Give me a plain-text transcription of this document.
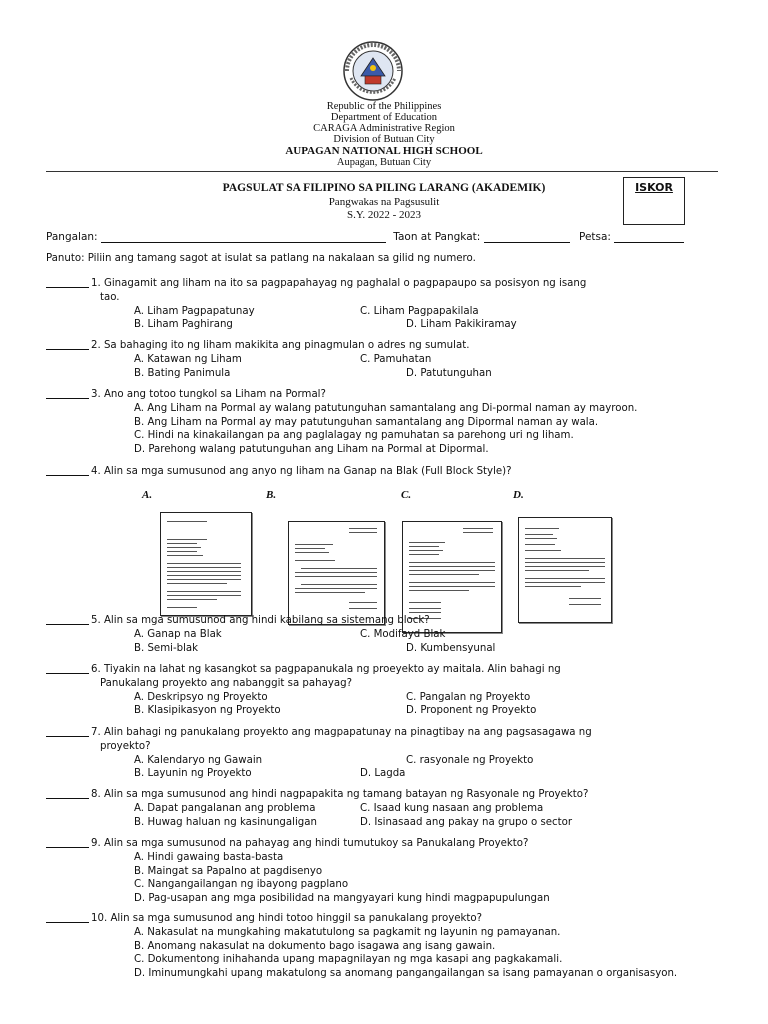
Republic of the Philippines
Department of Education
CARAGA Administrative Region
Division of Butuan City
AUPAGAN NATIONAL HIGH SCHOOL
Aupagan, Butuan City
PAGSULAT SA FILIPINO SA PILING LARANG (AKADEMIK)
Pangwakas na Pagsusulit
S.Y. 2022 - 2023
ISKOR
Pangalan:	Taon at Pangkat:	Petsa:
Panuto: Piliin ang tamang sagot at isulat sa patlang na nakalaan sa gilid ng numero.
1. Ginagamit ang liham na ito sa pagpapahayag ng paghalal o pagpapaupo sa posisyon ng isang
tao.
A. Liham Pagpapatunay	C. Liham Pagpapakilala
B. Liham Paghirang	D. Liham Pakikiramay
2. Sa bahaging ito ng liham makikita ang pinagmulan o adres ng sumulat.
A. Katawan ng Liham	C. Pamuhatan
B. Bating Panimula	D. Patutunguhan
3. Ano ang totoo tungkol sa Liham na Pormal?
A. Ang Liham na Pormal ay walang patutunguhan samantalang ang Di-pormal naman ay mayroon.
B. Ang Liham na Pormal ay may patutunguhan samantalang ang Dipormal naman ay wala.
C. Hindi na kinakailangan pa ang paglalagay ng pamuhatan sa parehong uri ng liham.
D. Parehong walang patutunguhan ang Liham na Pormal at Dipormal.
4. Alin sa mga sumusunod ang anyo ng liham na Ganap na Blak (Full Block Style)?
A.	B.	C.	D.
5. Alin sa mga sumusunod ang hindi kabilang sa sistemang block?
A. Ganap na Blak	C. Modifayd Blak
B. Semi-blak	D. Kumbensyunal
6. Tiyakin na lahat ng kasangkot sa pagpapanukala ng proeyekto ay maitala. Alin bahagi ng
Panukalang proyekto ang nabanggit sa pahayag?
A. Deskripsyo ng Proyekto	C. Pangalan ng Proyekto
B. Klasipikasyon ng Proyekto	D. Proponent ng Proyekto
7. Alin bahagi ng panukalang proyekto ang magpapatunay na pinagtibay na ang pagsasagawa ng
proyekto?
A. Kalendaryo ng Gawain	C. rasyonale ng Proyekto
B. Layunin ng Proyekto	D. Lagda
8. Alin sa mga sumusunod ang hindi nagpapakita ng tamang batayan ng Rasyonale ng Proyekto?
A. Dapat pangalanan ang problema	C. Isaad kung nasaan ang problema
B. Huwag haluan ng kasinungaligan	D. Isinasaad ang pakay na grupo o sector
9. Alin sa mga sumusunod na pahayag ang hindi tumutukoy sa Panukalang Proyekto?
A. Hindi gawaing basta-basta
B. Maingat sa Papalno at pagdisenyo
C. Nangangailangan ng ibayong pagplano
D. Pag-usapan ang mga posibilidad na mangyayari kung hindi magpapupulungan
10. Alin sa mga sumusunod ang hindi totoo hinggil sa panukalang proyekto?
A. Nakasulat na mungkahing makatutulong sa pagkamit ng layunin ng pamayanan.
B. Anomang nakasulat na dokumento bago isagawa ang isang gawain.
C. Dokumentong inihahanda upang mapagnilayan ng mga kasapi ang pagkakamali.
D. Iminumungkahi upang makatulong sa anomang pangangailangan sa isang pamayanan o organisasyon.
